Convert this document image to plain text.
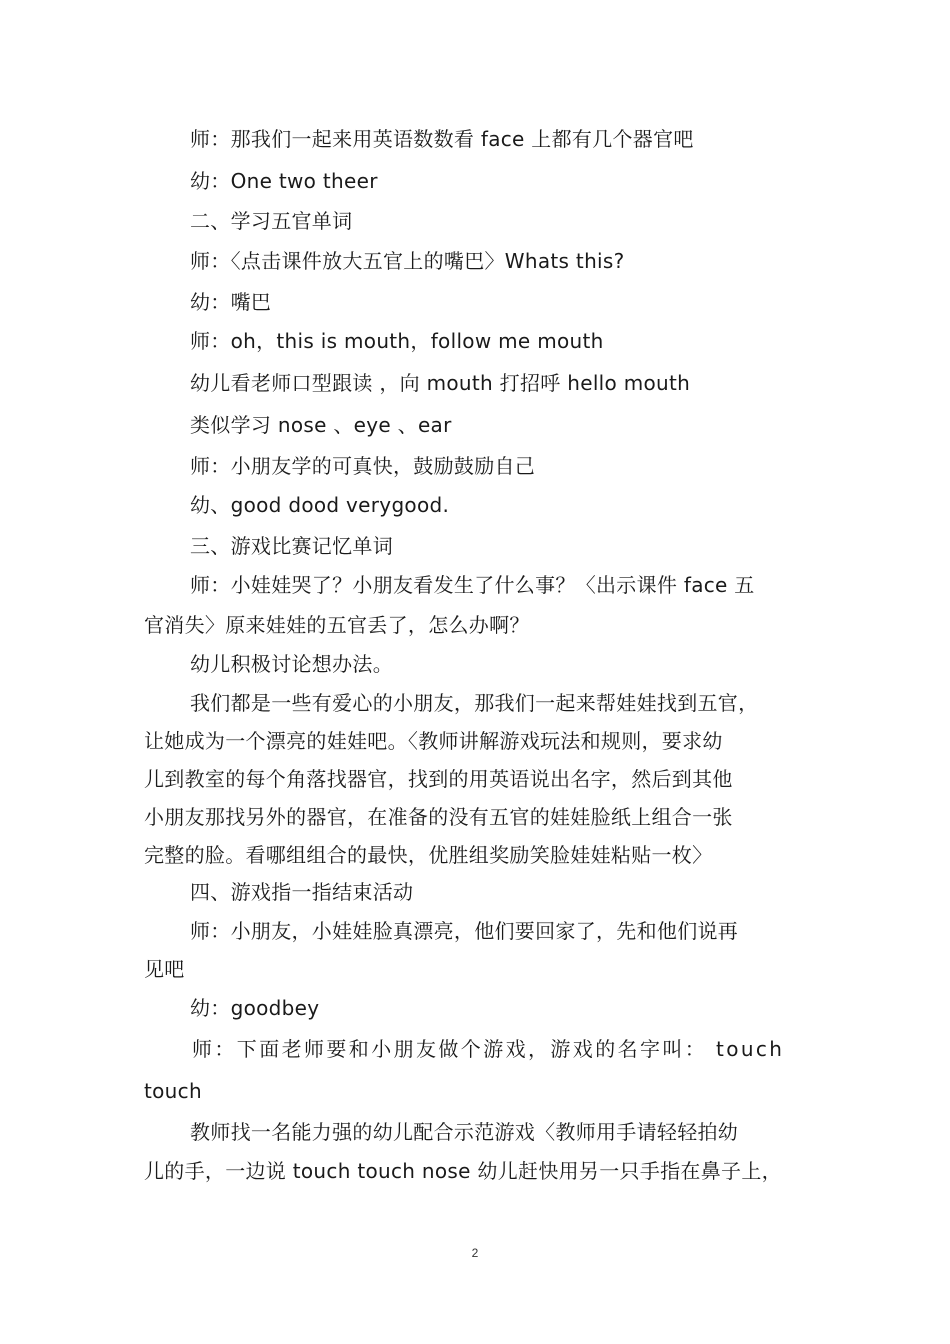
师：那我们一起来用英语数数看 face 上都有几个器官吧
幼：One two theer
二、学习五官单词
师：〈点击课件放大五官上的嘴巴〉Whats this?
幼：嘴巴
师：oh，this is mouth，follow me mouth
幼儿看老师口型跟读 ，向 mouth 打招呼 hello mouth
类似学习 nose 、eye 、ear
师：小朋友学的可真快，鼓励鼓励自己
幼、good dood verygood.
三、游戏比赛记忆单词
师：小娃娃哭了？小朋友看发生了什么事？〈出示课件 face 五
官消失〉原来娃娃的五官丢了，怎么办啊？
幼儿积极讨论想办法。
我们都是一些有爱心的小朋友，那我们一起来帮娃娃找到五官，
让她成为一个漂亮的娃娃吧。〈教师讲解游戏玩法和规则，要求幼
儿到教室的每个角落找器官，找到的用英语说出名字，然后到其他
小朋友那找另外的器官，在准备的没有五官的娃娃脸纸上组合一张
完整的脸。看哪组组合的最快，优胜组奖励笑脸娃娃粘贴一枚〉
四、游戏指一指结束活动
师：小朋友，小娃娃脸真漂亮，他们要回家了，先和他们说再
见吧
幼：goodbey
师：下面老师要和小朋友做个游戏，游戏的名字叫： touch
touch
教师找一名能力强的幼儿配合示范游戏〈教师用手请轻轻拍幼
儿的手，一边说 touch touch nose 幼儿赶快用另一只手指在鼻子上，
2
